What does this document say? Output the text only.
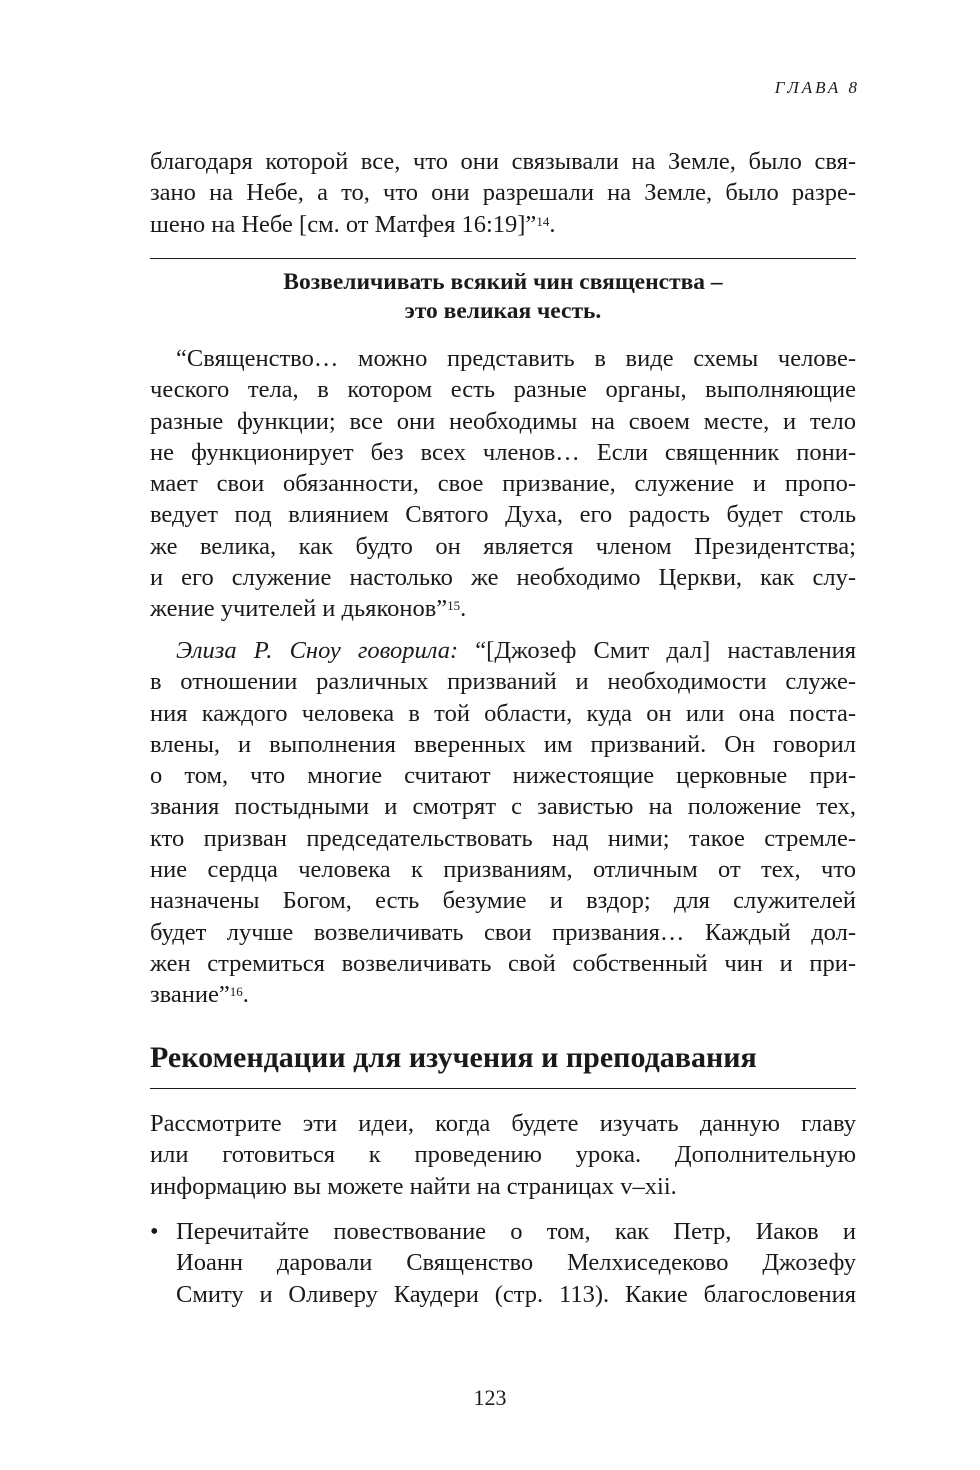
ГЛАВА 8
благодаря которой все, что они связывали на Земле, было свя-
зано на Небе, а то, что они разрешали на Земле, было разре-
шено на Небе [см. от Матфея 16:19]”$^{14}$.
Возвеличивать всякий чин священства –
это великая честь.
“Священство… можно представить в виде схемы челове-
ческого тела, в котором есть разные органы, выполняющие
разные функции; все они необходимы на своем месте, и тело
не функционирует без всех членов… Если священник пони-
мает свои обязанности, свое призвание, служение и пропо-
ведует под влиянием Святого Духа, его радость будет столь
же велика, как будто он является членом Президентства;
и его служение настолько же необходимо Церкви, как слу-
жение учителей и дьяконов”$^{15}$.
Элиза Р. Сноу говорила: “[Джозеф Смит дал] наставления
в отношении различных призваний и необходимости служе-
ния каждого человека в той области, куда он или она поста-
влены, и выполнения вверенных им призваний. Он говорил
о том, что многие считают нижестоящие церковные при-
звания постыдными и смотрят с завистью на положение тех,
кто призван председательствовать над ними; такое стремле-
ние сердца человека к призваниям, отличным от тех, что
назначены Богом, есть безумие и вздор; для служителей
будет лучше возвеличивать свои призвания… Каждый дол-
жен стремиться возвеличивать свой собственный чин и при-
звание”$^{16}$.
Рекомендации для изучения и преподавания
Рассмотрите эти идеи, когда будете изучать данную главу
или готовиться к проведению урока. Дополнительную
информацию вы можете найти на страницах v–xii.
• Перечитайте повествование о том, как Петр, Иаков и
Иоанн даровали Священство Мелхиседеково Джозефу
Смиту и Оливеру Каудери (стр. 113). Какие благословения
123
